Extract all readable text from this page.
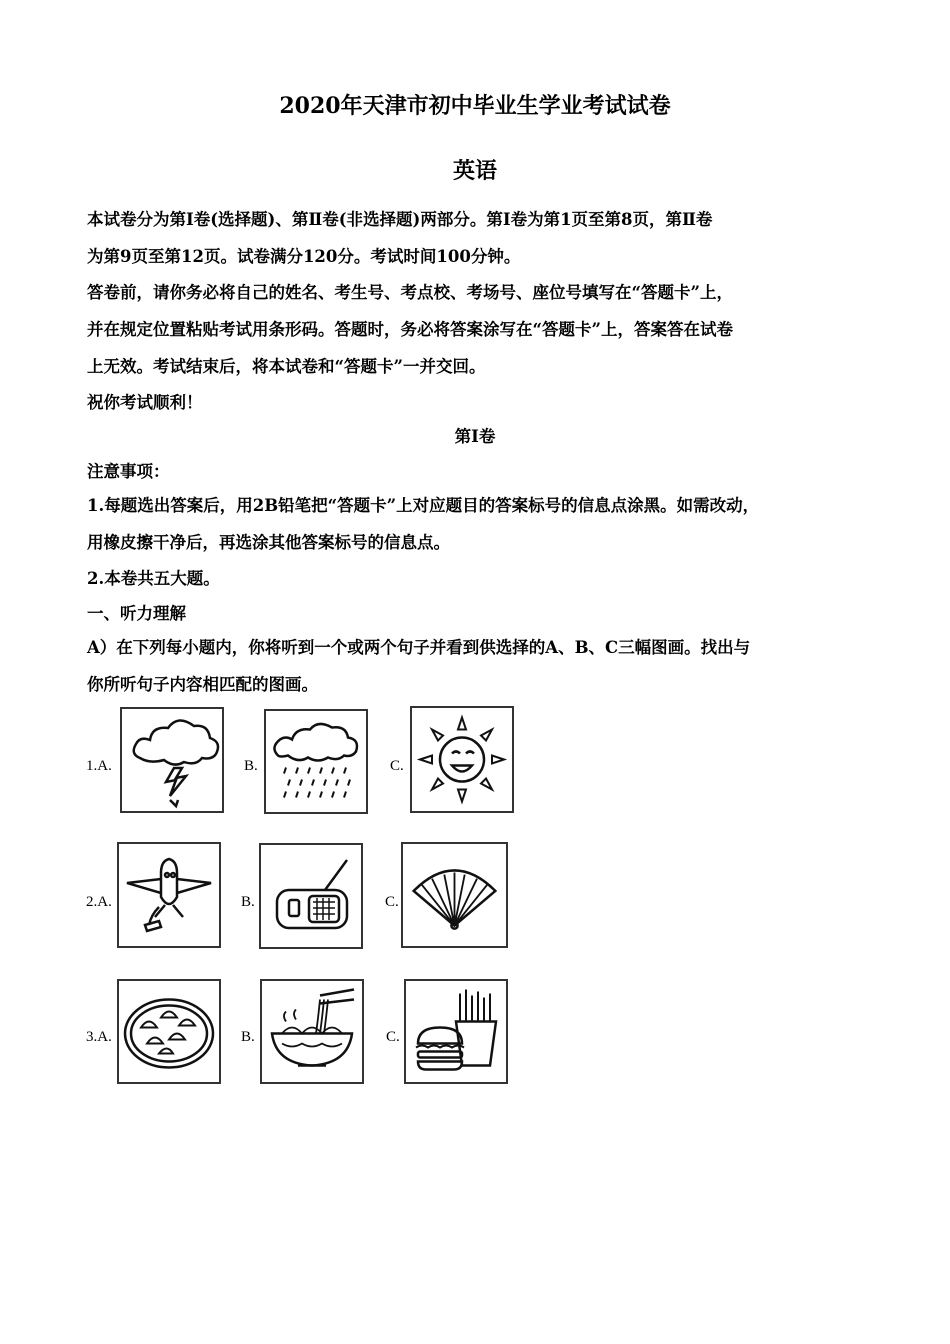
2020年天津市初中毕业生学业考试试卷
英语
本试卷分为第Ⅰ卷(选择题)、第Ⅱ卷(非选择题)两部分。第Ⅰ卷为第1页至第8页，第Ⅱ卷
为第9页至第12页。试卷满分120分。考试时间100分钟。
答卷前，请你务必将自己的姓名、考生号、考点校、考场号、座位号填写在“答题卡”上，
并在规定位置粘贴考试用条形码。答题时，务必将答案涂写在“答题卡”上，答案答在试卷
上无效。考试结束后，将本试卷和“答题卡”一并交回。
祝你考试顺利！
第Ⅰ卷
注意事项：
1.每题选出答案后，用2B铅笔把“答题卡”上对应题目的答案标号的信息点涂黑。如需改动，
用橡皮擦干净后，再选涂其他答案标号的信息点。
2.本卷共五大题。
一、听力理解
A）在下列每小题内，你将听到一个或两个句子并看到供选择的A、B、C三幅图画。找出与
你所听句子内容相匹配的图画。
1.A.	B.	C.
2.A.	B.	C.
3.A.	B.	C.
